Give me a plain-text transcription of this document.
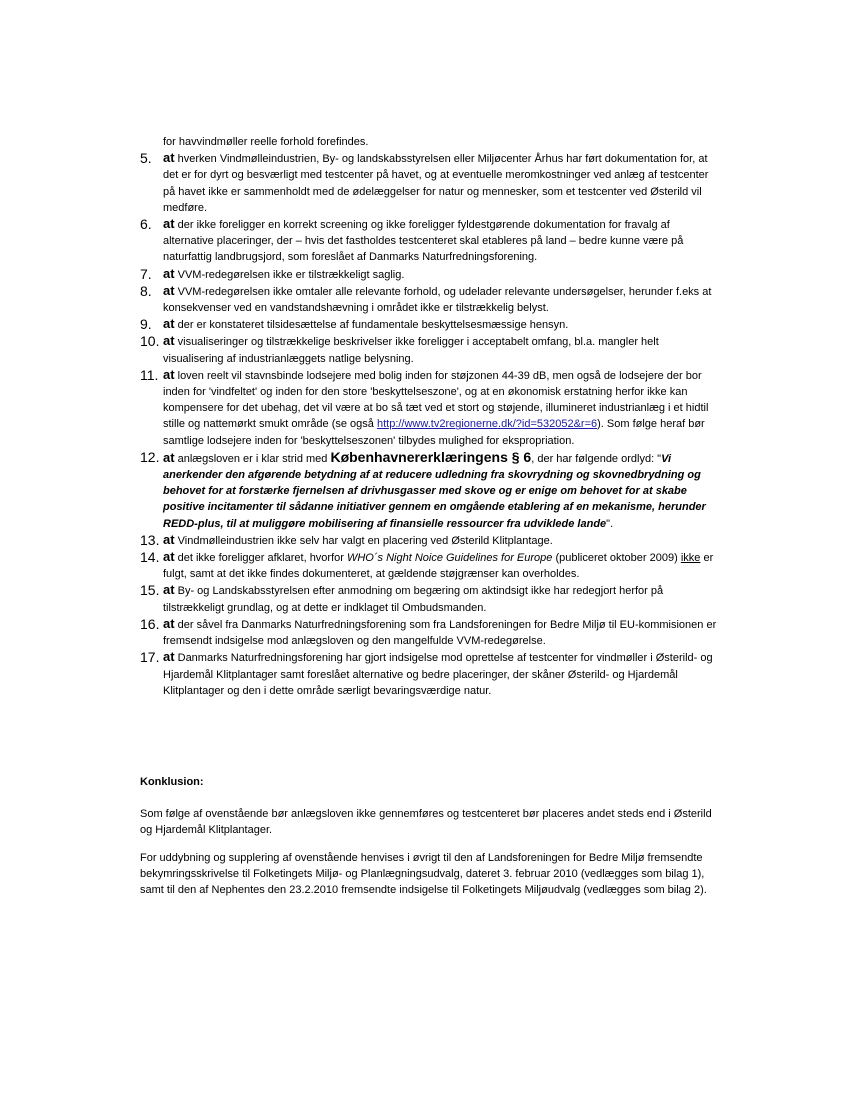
for havvindmøller reelle forhold forefindes.
5. at hverken Vindmølleindustrien, By- og landskabsstyrelsen eller Miljøcenter Århus har ført dokumentation for, at det er for dyrt og besværligt med testcenter på havet, og at eventuelle meromkostninger ved anlæg af testcenter på havet ikke er sammenholdt med de ødelæggelser for natur og mennesker, som et testcenter ved Østerild vil medføre.
6. at der ikke foreligger en korrekt screening og ikke foreligger fyldestgørende dokumentation for fravalg af alternative placeringer, der – hvis det fastholdes testcenteret skal etableres på land – bedre kunne være på naturfattig landbrugsjord, som foreslået af Danmarks Naturfredningsforening.
7. at VVM-redegørelsen ikke er tilstrækkeligt saglig.
8. at VVM-redegørelsen ikke omtaler alle relevante forhold, og udelader relevante undersøgelser, herunder f.eks at konsekvenser ved en vandstandshævning i området ikke er tilstrækkelig belyst.
9. at der er konstateret tilsidesættelse af fundamentale beskyttelsesmæssige hensyn.
10. at visualiseringer og tilstrækkelige beskrivelser ikke foreligger i acceptabelt omfang, bl.a. mangler helt visualisering af industrianlæggets natlige belysning.
11. at loven reelt vil stavnsbinde lodsejere med bolig inden for støjzonen 44-39 dB, men også de lodsejere der bor inden for 'vindfeltet' og inden for den store 'beskyttelseszone', og at en økonomisk erstatning herfor ikke kan kompensere for det ubehag, det vil være at bo så tæt ved et stort og støjende, illumineret industrianlæg i et hidtil stille og nattemørkt smukt område (se også http://www.tv2regionerne.dk/?id=532052&r=6). Som følge heraf bør samtlige lodsejere inden for 'beskyttelseszonen' tilbydes mulighed for ekspropriation.
12. at anlægsloven er i klar strid med Københavnererklæringens § 6, der har følgende ordlyd: "Vi anerkender den afgørende betydning af at reducere udledning fra skovrydning og skovnedbrydning og behovet for at forstærke fjernelsen af drivhusgasser med skove og er enige om behovet for at skabe positive incitamenter til sådanne initiativer gennem en omgående etablering af en mekanisme, herunder REDD-plus, til at muliggøre mobilisering af finansielle ressourcer fra udviklede lande".
13. at Vindmølleindustrien ikke selv har valgt en placering ved Østerild Klitplantage.
14. at det ikke foreligger afklaret, hvorfor WHO´s Night Noice Guidelines for Europe (publiceret oktober 2009) ikke er fulgt, samt at det ikke findes dokumenteret, at gældende støjgrænser kan overholdes.
15. at By- og Landskabsstyrelsen efter anmodning om begæring om aktindsigt ikke har redegjort herfor på tilstrækkeligt grundlag, og at dette er indklaget til Ombudsmanden.
16. at der såvel fra Danmarks Naturfredningsforening som fra Landsforeningen for Bedre Miljø til EU-kommisionen er fremsendt indsigelse mod anlægsloven og den mangelfulde VVM-redegørelse.
17. at Danmarks Naturfredningsforening har gjort indsigelse mod oprettelse af testcenter for vindmøller i Østerild- og Hjardemål Klitplantager samt foreslået alternative og bedre placeringer, der skåner Østerild- og Hjardemål Klitplantager og den i dette område særligt bevaringsværdige natur.
Konklusion:
Som følge af ovenstående bør anlægsloven ikke gennemføres og testcenteret bør placeres andet steds end i Østerild og Hjardemål Klitplantager.
For uddybning og supplering af ovenstående henvises i øvrigt til den af Landsforeningen for Bedre Miljø fremsendte bekymringsskrivelse til Folketingets Miljø- og Planlægningsudvalg, dateret 3. februar 2010 (vedlægges som bilag 1), samt til den af Nephentes den 23.2.2010 fremsendte indsigelse til Folketingets Miljøudvalg (vedlægges som bilag 2).
